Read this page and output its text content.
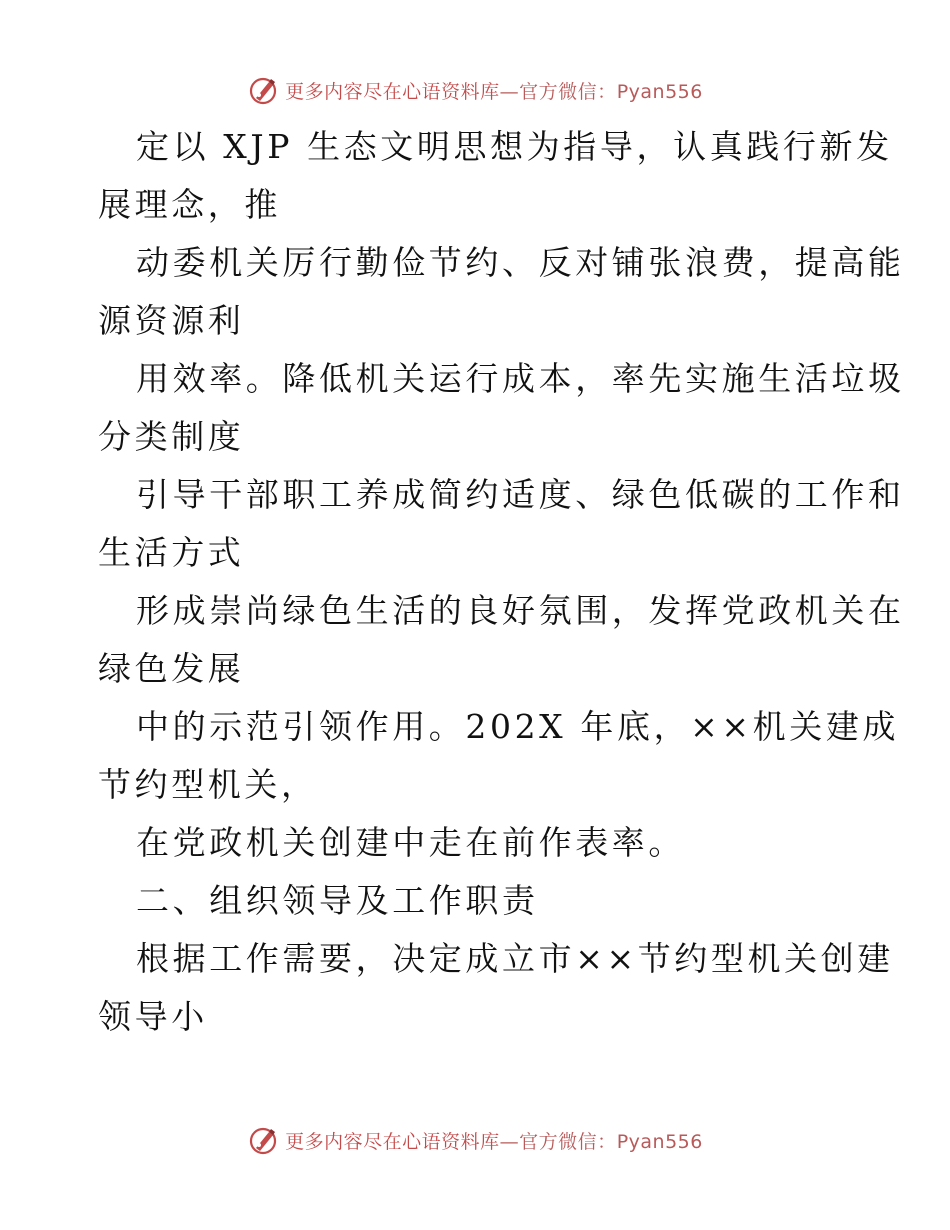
更多内容尽在心语资料库—官方微信：Pyan556
定以 XJP 生态文明思想为指导，认真践行新发
展理念，推
动委机关厉行勤俭节约、反对铺张浪费，提高能
源资源利
用效率。降低机关运行成本，率先实施生活垃圾
分类制度
引导干部职工养成简约适度、绿色低碳的工作和
生活方式
形成崇尚绿色生活的良好氛围，发挥党政机关在
绿色发展
中的示范引领作用。202X 年底，××机关建成
节约型机关，
在党政机关创建中走在前作表率。
二、组织领导及工作职责
根据工作需要，决定成立市××节约型机关创建
领导小
更多内容尽在心语资料库—官方微信：Pyan556
